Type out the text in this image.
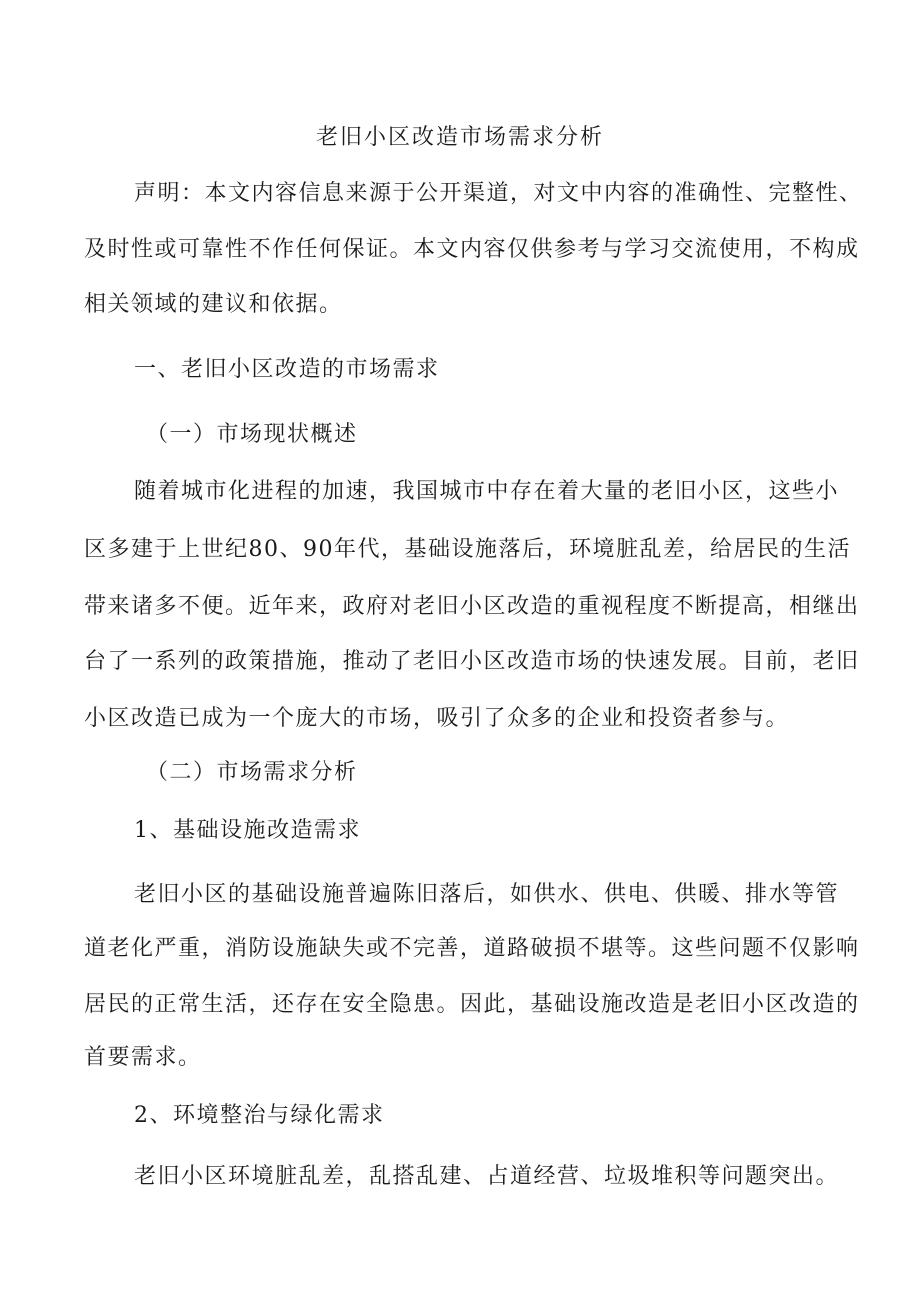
老旧小区改造市场需求分析
声明：本文内容信息来源于公开渠道，对文中内容的准确性、完整性、
及时性或可靠性不作任何保证。本文内容仅供参考与学习交流使用，不构成
相关领域的建议和依据。
一、老旧小区改造的市场需求
（一）市场现状概述
随着城市化进程的加速，我国城市中存在着大量的老旧小区，这些小
区多建于上世纪80、90年代，基础设施落后，环境脏乱差，给居民的生活
带来诸多不便。近年来，政府对老旧小区改造的重视程度不断提高，相继出
台了一系列的政策措施，推动了老旧小区改造市场的快速发展。目前，老旧
小区改造已成为一个庞大的市场，吸引了众多的企业和投资者参与。
（二）市场需求分析
1、基础设施改造需求
老旧小区的基础设施普遍陈旧落后，如供水、供电、供暖、排水等管
道老化严重，消防设施缺失或不完善，道路破损不堪等。这些问题不仅影响
居民的正常生活，还存在安全隐患。因此，基础设施改造是老旧小区改造的
首要需求。
2、环境整治与绿化需求
老旧小区环境脏乱差，乱搭乱建、占道经营、垃圾堆积等问题突出。
